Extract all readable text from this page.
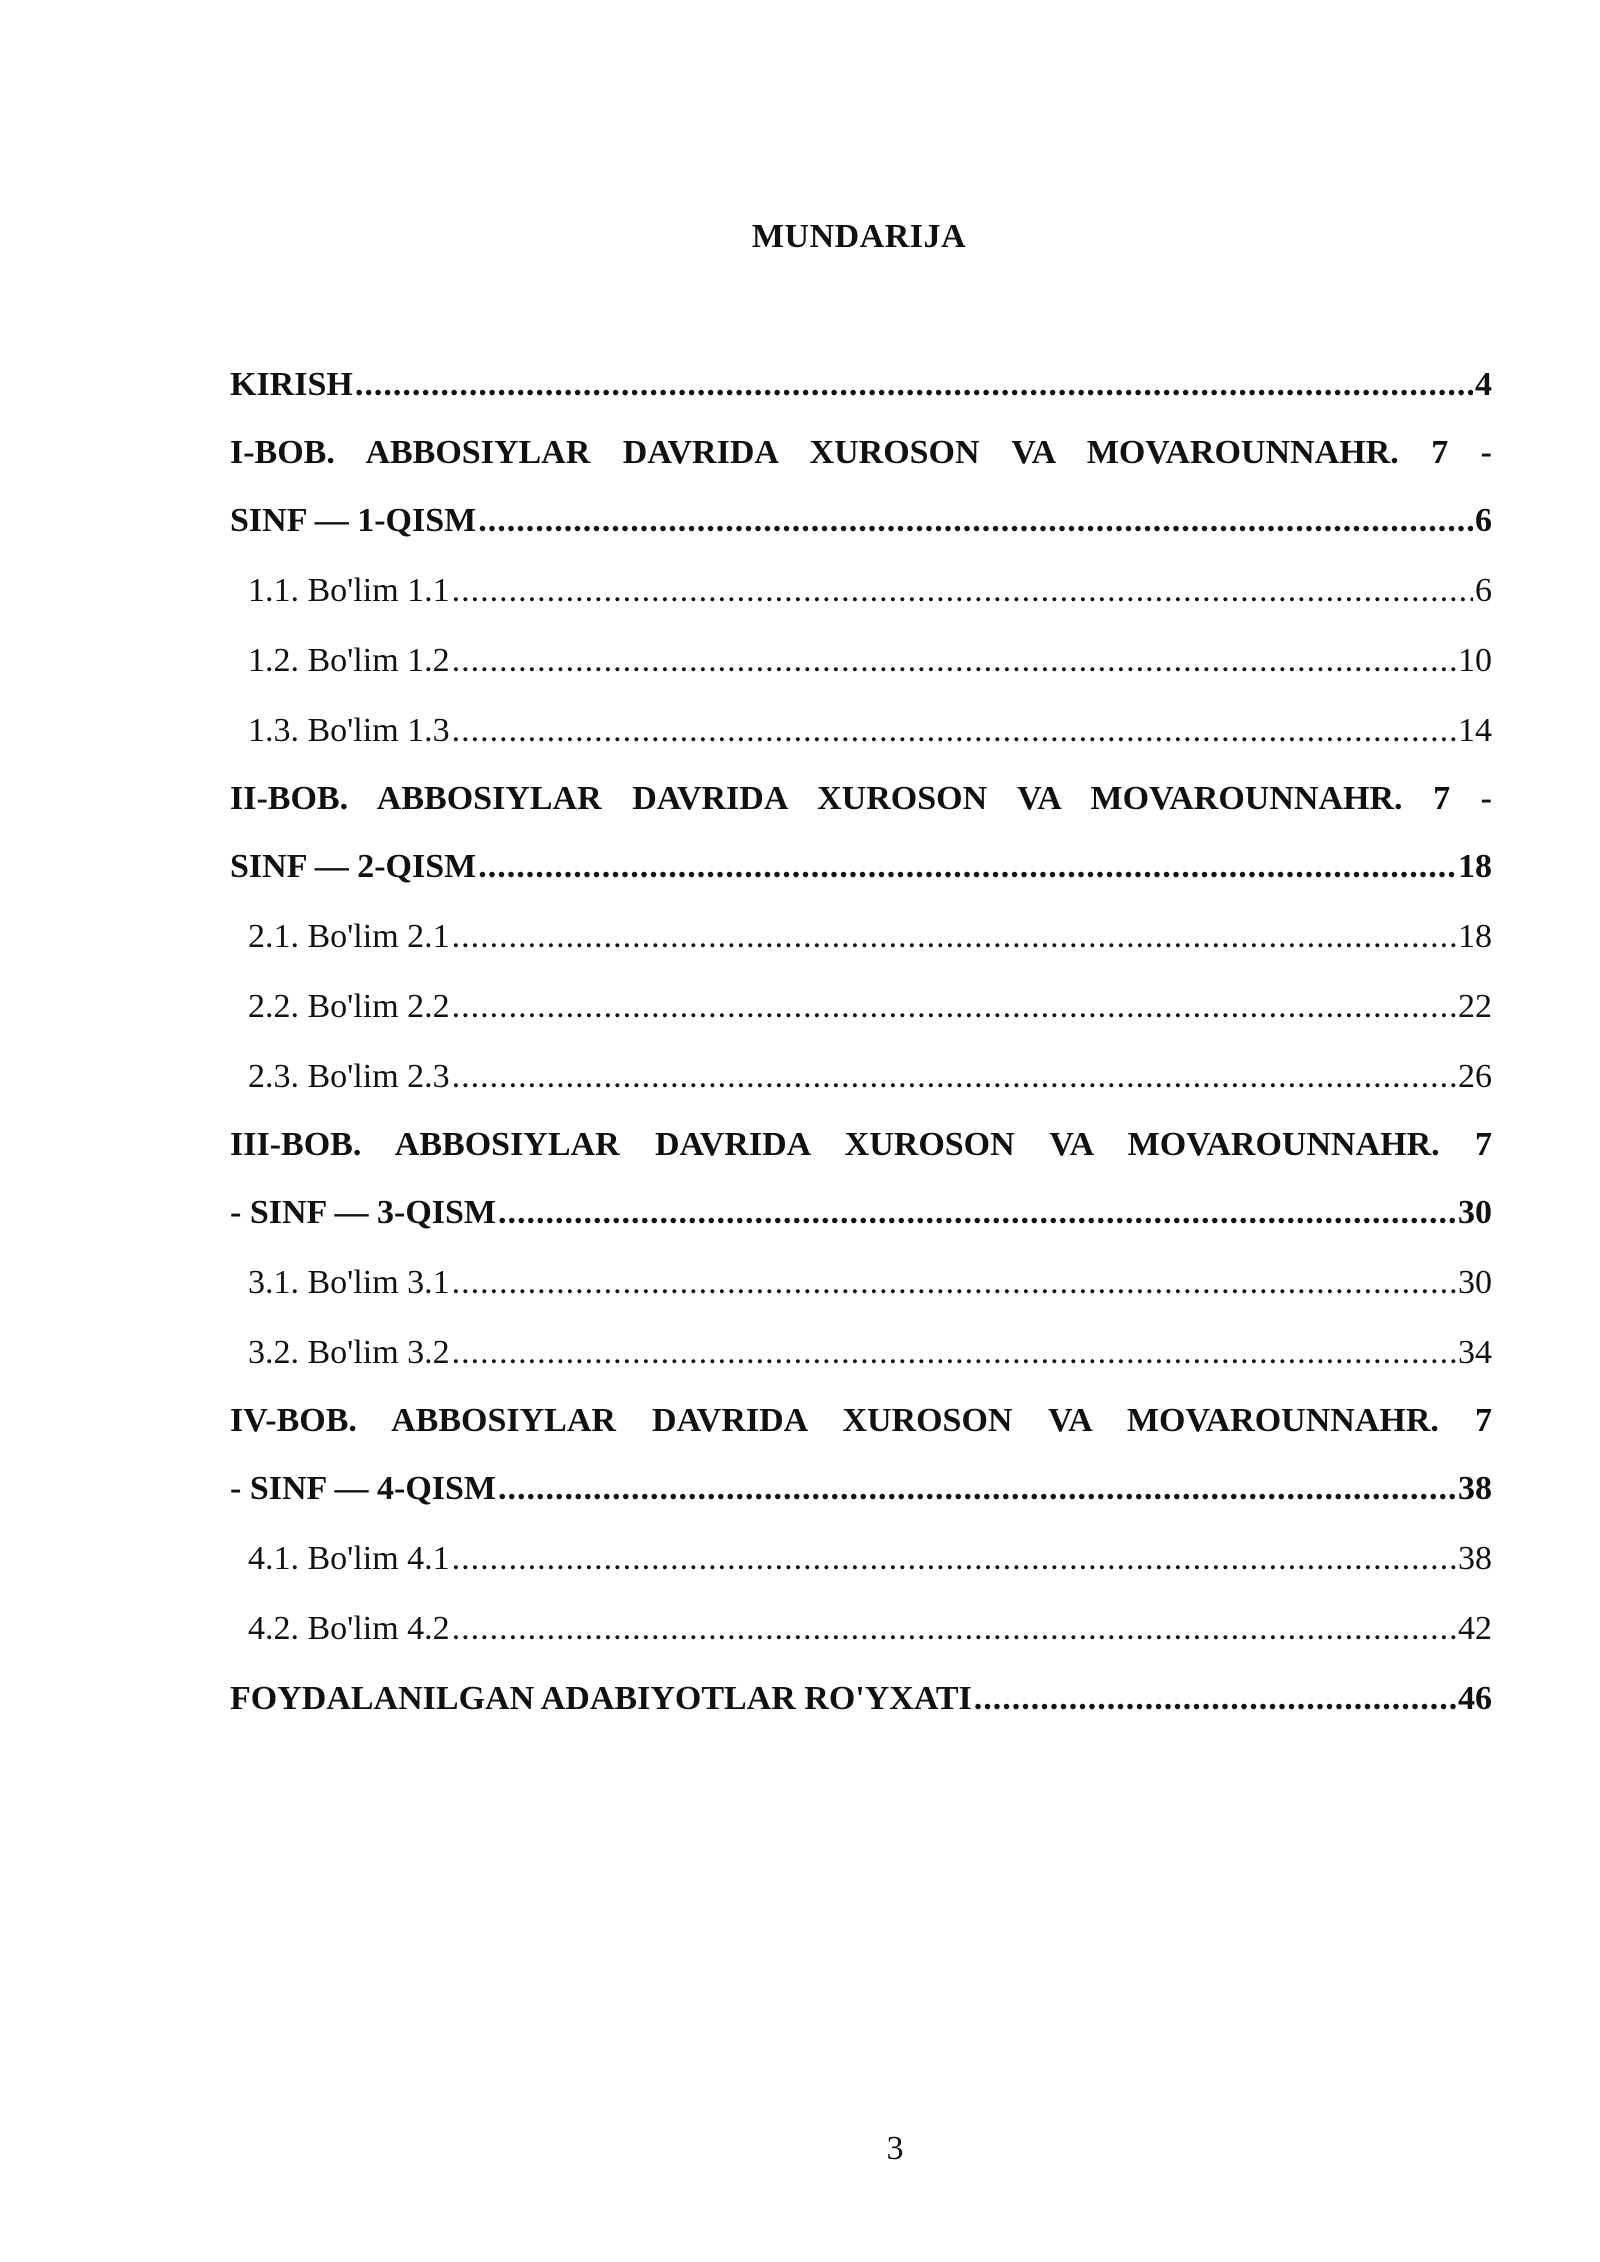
MUNDARIJA
KIRISH .....	4
I-BOB. ABBOSIYLAR DAVRIDA XUROSON VA MOVAROUNNAHR. 7 -
SINF — 1-QISM .....	6
1.1. Bo'lim 1.1 .....	6
1.2. Bo'lim 1.2 .....	10
1.3. Bo'lim 1.3 .....	14
II-BOB. ABBOSIYLAR DAVRIDA XUROSON VA MOVAROUNNAHR. 7 -
SINF — 2-QISM .....	18
2.1. Bo'lim 2.1 .....	18
2.2. Bo'lim 2.2 .....	22
2.3. Bo'lim 2.3 .....	26
III-BOB. ABBOSIYLAR DAVRIDA XUROSON VA MOVAROUNNAHR. 7
- SINF — 3-QISM .....	30
3.1. Bo'lim 3.1 .....	30
3.2. Bo'lim 3.2 .....	34
IV-BOB. ABBOSIYLAR DAVRIDA XUROSON VA MOVAROUNNAHR. 7
- SINF — 4-QISM .....	38
4.1. Bo'lim 4.1 .....	38
4.2. Bo'lim 4.2 .....	42
FOYDALANILGAN ADABIYOTLAR RO'YXATI .....	46
3
